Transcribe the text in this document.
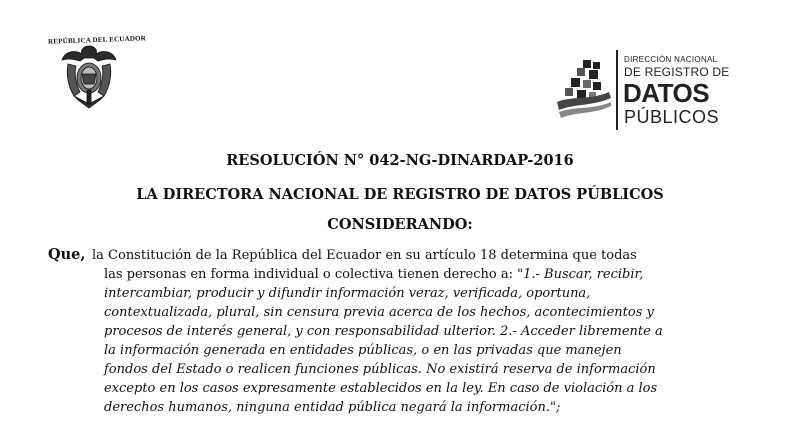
REPÚBLICA DEL ECUADOR
DIRECCIÓN NACIONAL
DE REGISTRO DE
DATOS
PÚBLICOS
RESOLUCIÓN N° 042-NG-DINARDAP-2016
LA DIRECTORA NACIONAL DE REGISTRO DE DATOS PÚBLICOS
CONSIDERANDO:
Que, la Constitución de la República del Ecuador en su artículo 18 determina que todas
las personas en forma individual o colectiva tienen derecho a: "1.- Buscar, recibir,
intercambiar, producir y difundir información veraz, verificada, oportuna,
contextualizada, plural, sin censura previa acerca de los hechos, acontecimientos y
procesos de interés general, y con responsabilidad ulterior. 2.- Acceder libremente a
la información generada en entidades públicas, o en las privadas que manejen
fondos del Estado o realicen funciones públicas. No existirá reserva de información
excepto en los casos expresamente establecidos en la ley. En caso de violación a los
derechos humanos, ninguna entidad pública negará la información.";
